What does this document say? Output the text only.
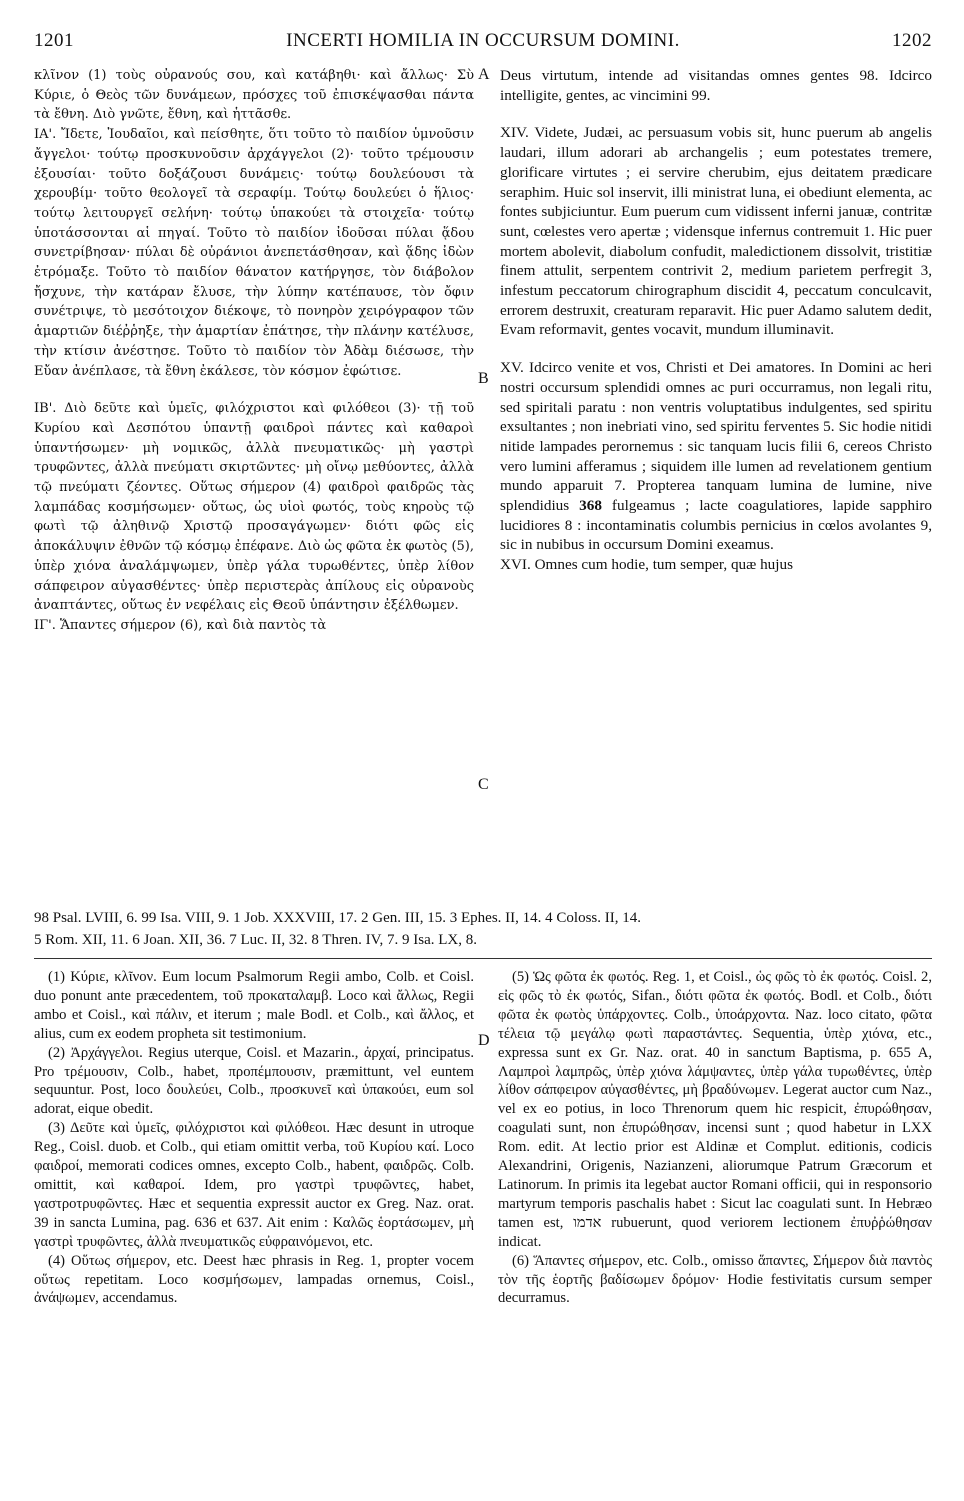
1201	INCERTI HOMILIA IN OCCURSUM DOMINI.	1202

κλῖνον (1) τοὺς οὐρανούς σου, καὶ κατάβηθι· καὶ ἄλλως· Σὺ Κύριε, ὁ Θεὸς τῶν δυνάμεων, πρόσχες τοῦ ἐπισκέψασθαι πάντα τὰ ἔθνη. Διὸ γνῶτε, ἔθνη, καὶ ἡττᾶσθε.

ΙΑ'. Ἴδετε, Ἰουδαῖοι, καὶ πείσθητε, ὅτι τοῦτο τὸ παιδίον ὑμνοῦσιν ἄγγελοι· τούτῳ προσκυνοῦσιν ἀρχάγγελοι (2)· τοῦτο τρέμουσιν ἐξουσίαι· τοῦτο δοξάζουσι δυνάμεις· τούτῳ δουλεύουσι τὰ χερουβίμ· τοῦτο θεολογεῖ τὰ σεραφίμ. Τούτῳ δουλεύει ὁ ἥλιος· τούτῳ λειτουργεῖ σελήνη· τούτῳ ὑπακούει τὰ στοιχεῖα· τούτῳ ὑποτάσσονται αἱ πηγαί. Τοῦτο τὸ παιδίον ἰδοῦσαι πύλαι ᾅδου συνετρίβησαν· πύλαι δὲ οὐράνιοι ἀνεπετάσθησαν, καὶ ᾅδης ἰδὼν ἐτρόμαξε. Τοῦτο τὸ παιδίον θάνατον κατήργησε, τὸν διάβολον ἤσχυνε, τὴν κατάραν ἔλυσε, τὴν λύπην κατέπαυσε, τὸν ὄφιν συνέτριψε, τὸ μεσότοιχον διέκοψε, τὸ πονηρὸν χειρόγραφον τῶν ἁμαρτιῶν διέῤῥηξε, τὴν ἁμαρτίαν ἐπάτησε, τὴν πλάνην κατέλυσε, τὴν κτίσιν ἀνέστησε. Τοῦτο τὸ παιδίον τὸν Ἀδὰμ διέσωσε, τὴν Εὔαν ἀνέπλασε, τὰ ἔθνη ἐκάλεσε, τὸν κόσμον ἐφώτισε.

ΙΒ'. Διὸ δεῦτε καὶ ὑμεῖς, φιλόχριστοι καὶ φιλόθεοι (3)· τῇ τοῦ Κυρίου καὶ Δεσπότου ὑπαντῇ φαιδροὶ πάντες καὶ καθαροὶ ὑπαντήσωμεν· μὴ νομικῶς, ἀλλὰ πνευματικῶς· μὴ γαστρὶ τρυφῶντες, ἀλλὰ πνεύματι σκιρτῶντες· μὴ οἴνῳ μεθύοντες, ἀλλὰ τῷ πνεύματι ζέοντες. Οὕτως σήμερον (4) φαιδροὶ φαιδρῶς τὰς λαμπάδας κοσμήσωμεν· οὕτως, ὡς υἱοὶ φωτός, τοὺς κηροὺς τῷ φωτὶ τῷ ἀληθινῷ Χριστῷ προσαγάγωμεν· διότι φῶς εἰς ἀποκάλυψιν ἐθνῶν τῷ κόσμῳ ἐπέφανε. Διὸ ὡς φῶτα ἐκ φωτὸς (5), ὑπὲρ χιόνα ἀναλάμψωμεν, ὑπὲρ γάλα τυρωθέντες, ὑπὲρ λίθον σάπφειρον αὐγασθέντες· ὑπὲρ περιστερὰς ἀπίλους εἰς οὐρανοὺς ἀναπτάντες, οὕτως ἐν νεφέλαις εἰς Θεοῦ ὑπάντησιν ἐξέλθωμεν.

ΙΓ'. Ἅπαντες σήμερον (6), καὶ διὰ παντὸς τὰ

A
B
C
D

Deus virtutum, intende ad visitandas omnes gentes 98. Idcirco intelligite, gentes, ac vincimini 99.

XIV. Videte, Judæi, ac persuasum vobis sit, hunc puerum ab angelis laudari, illum adorari ab archangelis ; eum potestates tremere, glorificare virtutes ; ei servire cherubim, ejus deitatem prædicare seraphim. Huic sol inservit, illi ministrat luna, ei obediunt elementa, ac fontes subjiciuntur. Eum puerum cum vidissent inferni januæ, contritæ sunt, cœlestes vero apertæ ; vidensque infernus contremuit 1. Hic puer mortem abolevit, diabolum confudit, maledictionem dissolvit, tristitiæ finem attulit, serpentem contrivit 2, medium parietem perfregit 3, infestum peccatorum chirographum discidit 4, peccatum conculcavit, errorem destruxit, creaturam reparavit. Hic puer Adamo salutem dedit, Evam reformavit, gentes vocavit, mundum illuminavit.

XV. Idcirco venite et vos, Christi et Dei amatores. In Domini ac heri nostri occursum splendidi omnes ac puri occurramus, non legali ritu, sed spiritali paratu : non ventris voluptatibus indulgentes, sed spiritu exsultantes ; non inebriati vino, sed spiritu ferventes 5. Sic hodie nitidi nitide lampades perornemus : sic tanquam lucis filii 6, cereos Christo vero lumini afferamus ; siquidem ille lumen ad revelationem gentium mundo apparuit 7. Propterea tanquam lumina de lumine, nive splendidius 368 fulgeamus ; lacte coagulatiores, lapide sapphiro lucidiores 8 : incontaminatis columbis pernicius in cœlos avolantes 9, sic in nubibus in occursum Domini exeamus.

XVI. Omnes cum hodie, tum semper, quæ hujus

98 Psal. LVIII, 6. 99 Isa. VIII, 9. 1 Job. XXXVIII, 17. 2 Gen. III, 15. 3 Ephes. II, 14. 4 Coloss. II, 14.
5 Rom. XII, 11. 6 Joan. XII, 36. 7 Luc. II, 32. 8 Thren. IV, 7. 9 Isa. LX, 8.

(1) Κύριε, κλῖνον. Eum locum Psalmorum Regii ambo, Colb. et Coisl. duo ponunt ante præcedentem, τοῦ προκαταλαμβ. Loco καὶ ἄλλως, Regii ambo et Coisl., καὶ πάλιν, et iterum ; male Bodl. et Colb., καὶ ἄλλος, et alius, cum ex eodem propheta sit testimonium.

(2) Ἀρχάγγελοι. Regius uterque, Coisl. et Mazarin., ἀρχαί, principatus. Pro τρέμουσιν, Colb., habet, προπέμπουσιν, præmittunt, vel euntem sequuntur. Post, loco δουλεύει, Colb., προσκυνεῖ καὶ ὑπακούει, eum sol adorat, eique obedit.

(3) Δεῦτε καὶ ὑμεῖς, φιλόχριστοι καὶ φιλόθεοι. Hæc desunt in utroque Reg., Coisl. duob. et Colb., qui etiam omittit verba, τοῦ Κυρίου καί. Loco φαιδροί, memorati codices omnes, excepto Colb., habent, φαιδρῶς. Colb. omittit, καὶ καθαροί. Idem, pro γαστρὶ τρυφῶντες, habet, γαστροτρυφῶντες. Hæc et sequentia expressit auctor ex Greg. Naz. orat. 39 in sancta Lumina, pag. 636 et 637. Ait enim : Καλῶς ἑορτάσωμεν, μὴ γαστρὶ τρυφῶντες, ἀλλὰ πνευματικῶς εὐφραινόμενοι, etc.

(4) Οὕτως σήμερον, etc. Deest hæc phrasis in Reg. 1, propter vocem οὕτως repetitam. Loco κοσμήσωμεν, lampadas ornemus, Coisl., ἀνάψωμεν, accendamus.

(5) Ὡς φῶτα ἐκ φωτός. Reg. 1, et Coisl., ὡς φῶς τὸ ἐκ φωτός. Coisl. 2, εἰς φῶς τὸ ἐκ φωτός, Sifan., διότι φῶτα ἐκ φωτός. Bodl. et Colb., διότι φῶτα ἐκ φωτὸς ὑπάρχοντες. Colb., ὑποάρχοντα. Naz. loco citato, φῶτα τέλεια τῷ μεγάλῳ φωτὶ παραστάντες. Sequentia, ὑπὲρ χιόνα, etc., expressa sunt ex Gr. Naz. orat. 40 in sanctum Baptisma, p. 655 A, Λαμπροὶ λαμπρῶς, ὑπὲρ χιόνα λάμψαντες, ὑπὲρ γάλα τυρωθέντες, ὑπὲρ λίθον σάπφειρον αὐγασθέντες, μὴ βραδύνωμεν. Legerat auctor cum Naz., vel ex eo potius, in loco Threnorum quem hic respicit, ἐπυρώθησαν, coagulati sunt, non ἐπυρώθησαν, incensi sunt ; quod habetur in LXX Rom. edit. At lectio prior est Aldinæ et Complut. editionis, codicis Alexandrini, Origenis, Nazianzeni, aliorumque Patrum Græcorum et Latinorum. In primis ita legebat auctor Romani officii, qui in responsorio martyrum temporis paschalis habet : Sicut lac coagulati sunt. In Hebræo tamen est, אדמו rubuerunt, quod veriorem lectionem ἐπυῤῥώθησαν indicat.

(6) Ἅπαντες σήμερον, etc. Colb., omisso ἅπαντες, Σήμερον διὰ παντὸς τὸν τῆς ἑορτῆς βαδίσωμεν δρόμον· Hodie festivitatis cursum semper decurramus.
